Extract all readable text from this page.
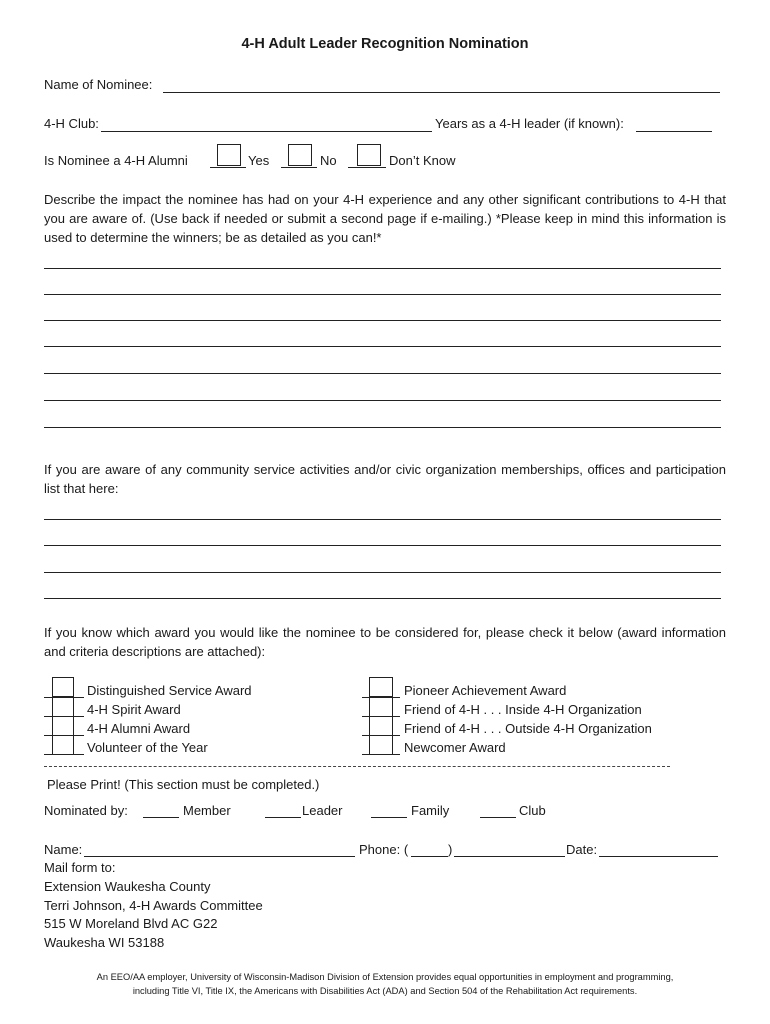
4-H Adult Leader Recognition Nomination
Name of Nominee:
4-H Club:	Years as a 4-H leader (if known):
Is Nominee a 4-H Alumni	Yes	No	Don’t Know
Describe the impact the nominee has had on your 4-H experience and any other significant contributions to 4-H that you are aware of. (Use back if needed or submit a second page if e-mailing.) *Please keep in mind this information is used to determine the winners; be as detailed as you can!*
If you are aware of any community service activities and/or civic organization memberships, offices and participation list that here:
If you know which award you would like the nominee to be considered for, please check it below (award information and criteria descriptions are attached):
Distinguished Service Award
4-H Spirit Award
4-H Alumni Award
Volunteer of the Year
Pioneer Achievement Award
Friend of 4-H . . . Inside 4-H Organization
Friend of 4-H . . . Outside 4-H Organization
Newcomer Award
Please Print! (This section must be completed.)
Nominated by:	Member	Leader	Family	Club
Name:	Phone: (	)	Date:
Mail form to:
Extension Waukesha County
Terri Johnson, 4-H Awards Committee
515 W Moreland Blvd AC G22
Waukesha WI 53188
An EEO/AA employer, University of Wisconsin-Madison Division of Extension provides equal opportunities in employment and programming,
including Title VI, Title IX, the Americans with Disabilities Act (ADA) and Section 504 of the Rehabilitation Act requirements.
